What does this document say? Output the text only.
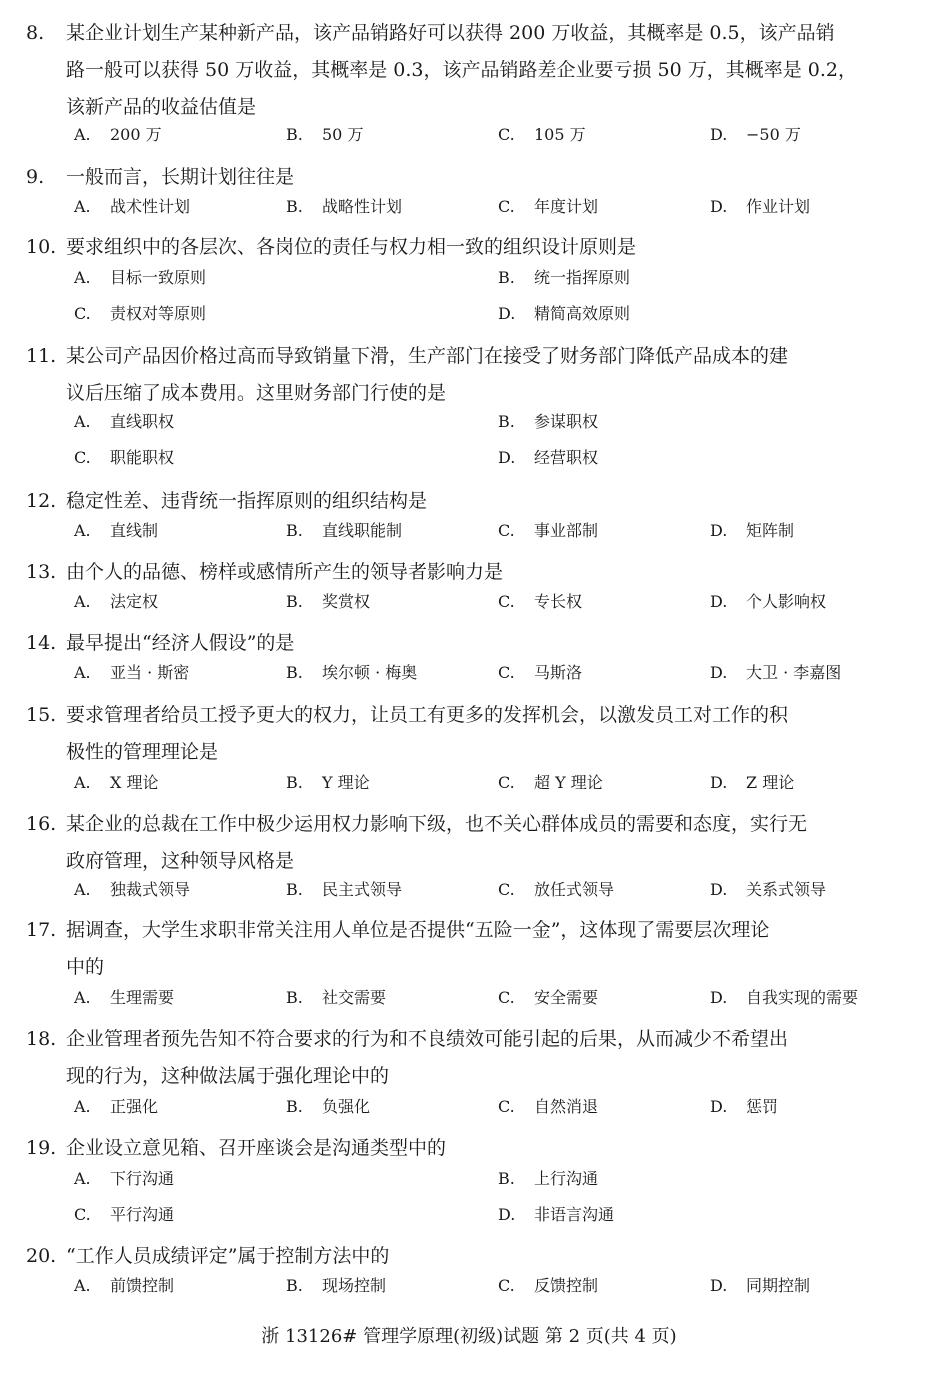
8. 某企业计划生产某种新产品，该产品销路好可以获得 200 万收益，其概率是 0.5，该产品销
路一般可以获得 50 万收益，其概率是 0.3，该产品销路差企业要亏损 50 万，其概率是 0.2，
该新产品的收益估值是
A. 200 万	B. 50 万	C. 105 万	D. −50 万
9. 一般而言，长期计划往往是
A. 战术性计划	B. 战略性计划	C. 年度计划	D. 作业计划
10. 要求组织中的各层次、各岗位的责任与权力相一致的组织设计原则是
A. 目标一致原则	B. 统一指挥原则
C. 责权对等原则	D. 精简高效原则
11. 某公司产品因价格过高而导致销量下滑，生产部门在接受了财务部门降低产品成本的建
议后压缩了成本费用。这里财务部门行使的是
A. 直线职权	B. 参谋职权
C. 职能职权	D. 经营职权
12. 稳定性差、违背统一指挥原则的组织结构是
A. 直线制	B. 直线职能制	C. 事业部制	D. 矩阵制
13. 由个人的品德、榜样或感情所产生的领导者影响力是
A. 法定权	B. 奖赏权	C. 专长权	D. 个人影响权
14. 最早提出“经济人假设”的是
A. 亚当 · 斯密	B. 埃尔顿 · 梅奥	C. 马斯洛	D. 大卫 · 李嘉图
15. 要求管理者给员工授予更大的权力，让员工有更多的发挥机会，以激发员工对工作的积
极性的管理理论是
A. X 理论	B. Y 理论	C. 超 Y 理论	D. Z 理论
16. 某企业的总裁在工作中极少运用权力影响下级，也不关心群体成员的需要和态度，实行无
政府管理，这种领导风格是
A. 独裁式领导	B. 民主式领导	C. 放任式领导	D. 关系式领导
17. 据调查，大学生求职非常关注用人单位是否提供“五险一金”，这体现了需要层次理论
中的
A. 生理需要	B. 社交需要	C. 安全需要	D. 自我实现的需要
18. 企业管理者预先告知不符合要求的行为和不良绩效可能引起的后果，从而减少不希望出
现的行为，这种做法属于强化理论中的
A. 正强化	B. 负强化	C. 自然消退	D. 惩罚
19. 企业设立意见箱、召开座谈会是沟通类型中的
A. 下行沟通	B. 上行沟通
C. 平行沟通	D. 非语言沟通
20. “工作人员成绩评定”属于控制方法中的
A. 前馈控制	B. 现场控制	C. 反馈控制	D. 同期控制
浙 13126# 管理学原理(初级)试题 第 2 页(共 4 页)
